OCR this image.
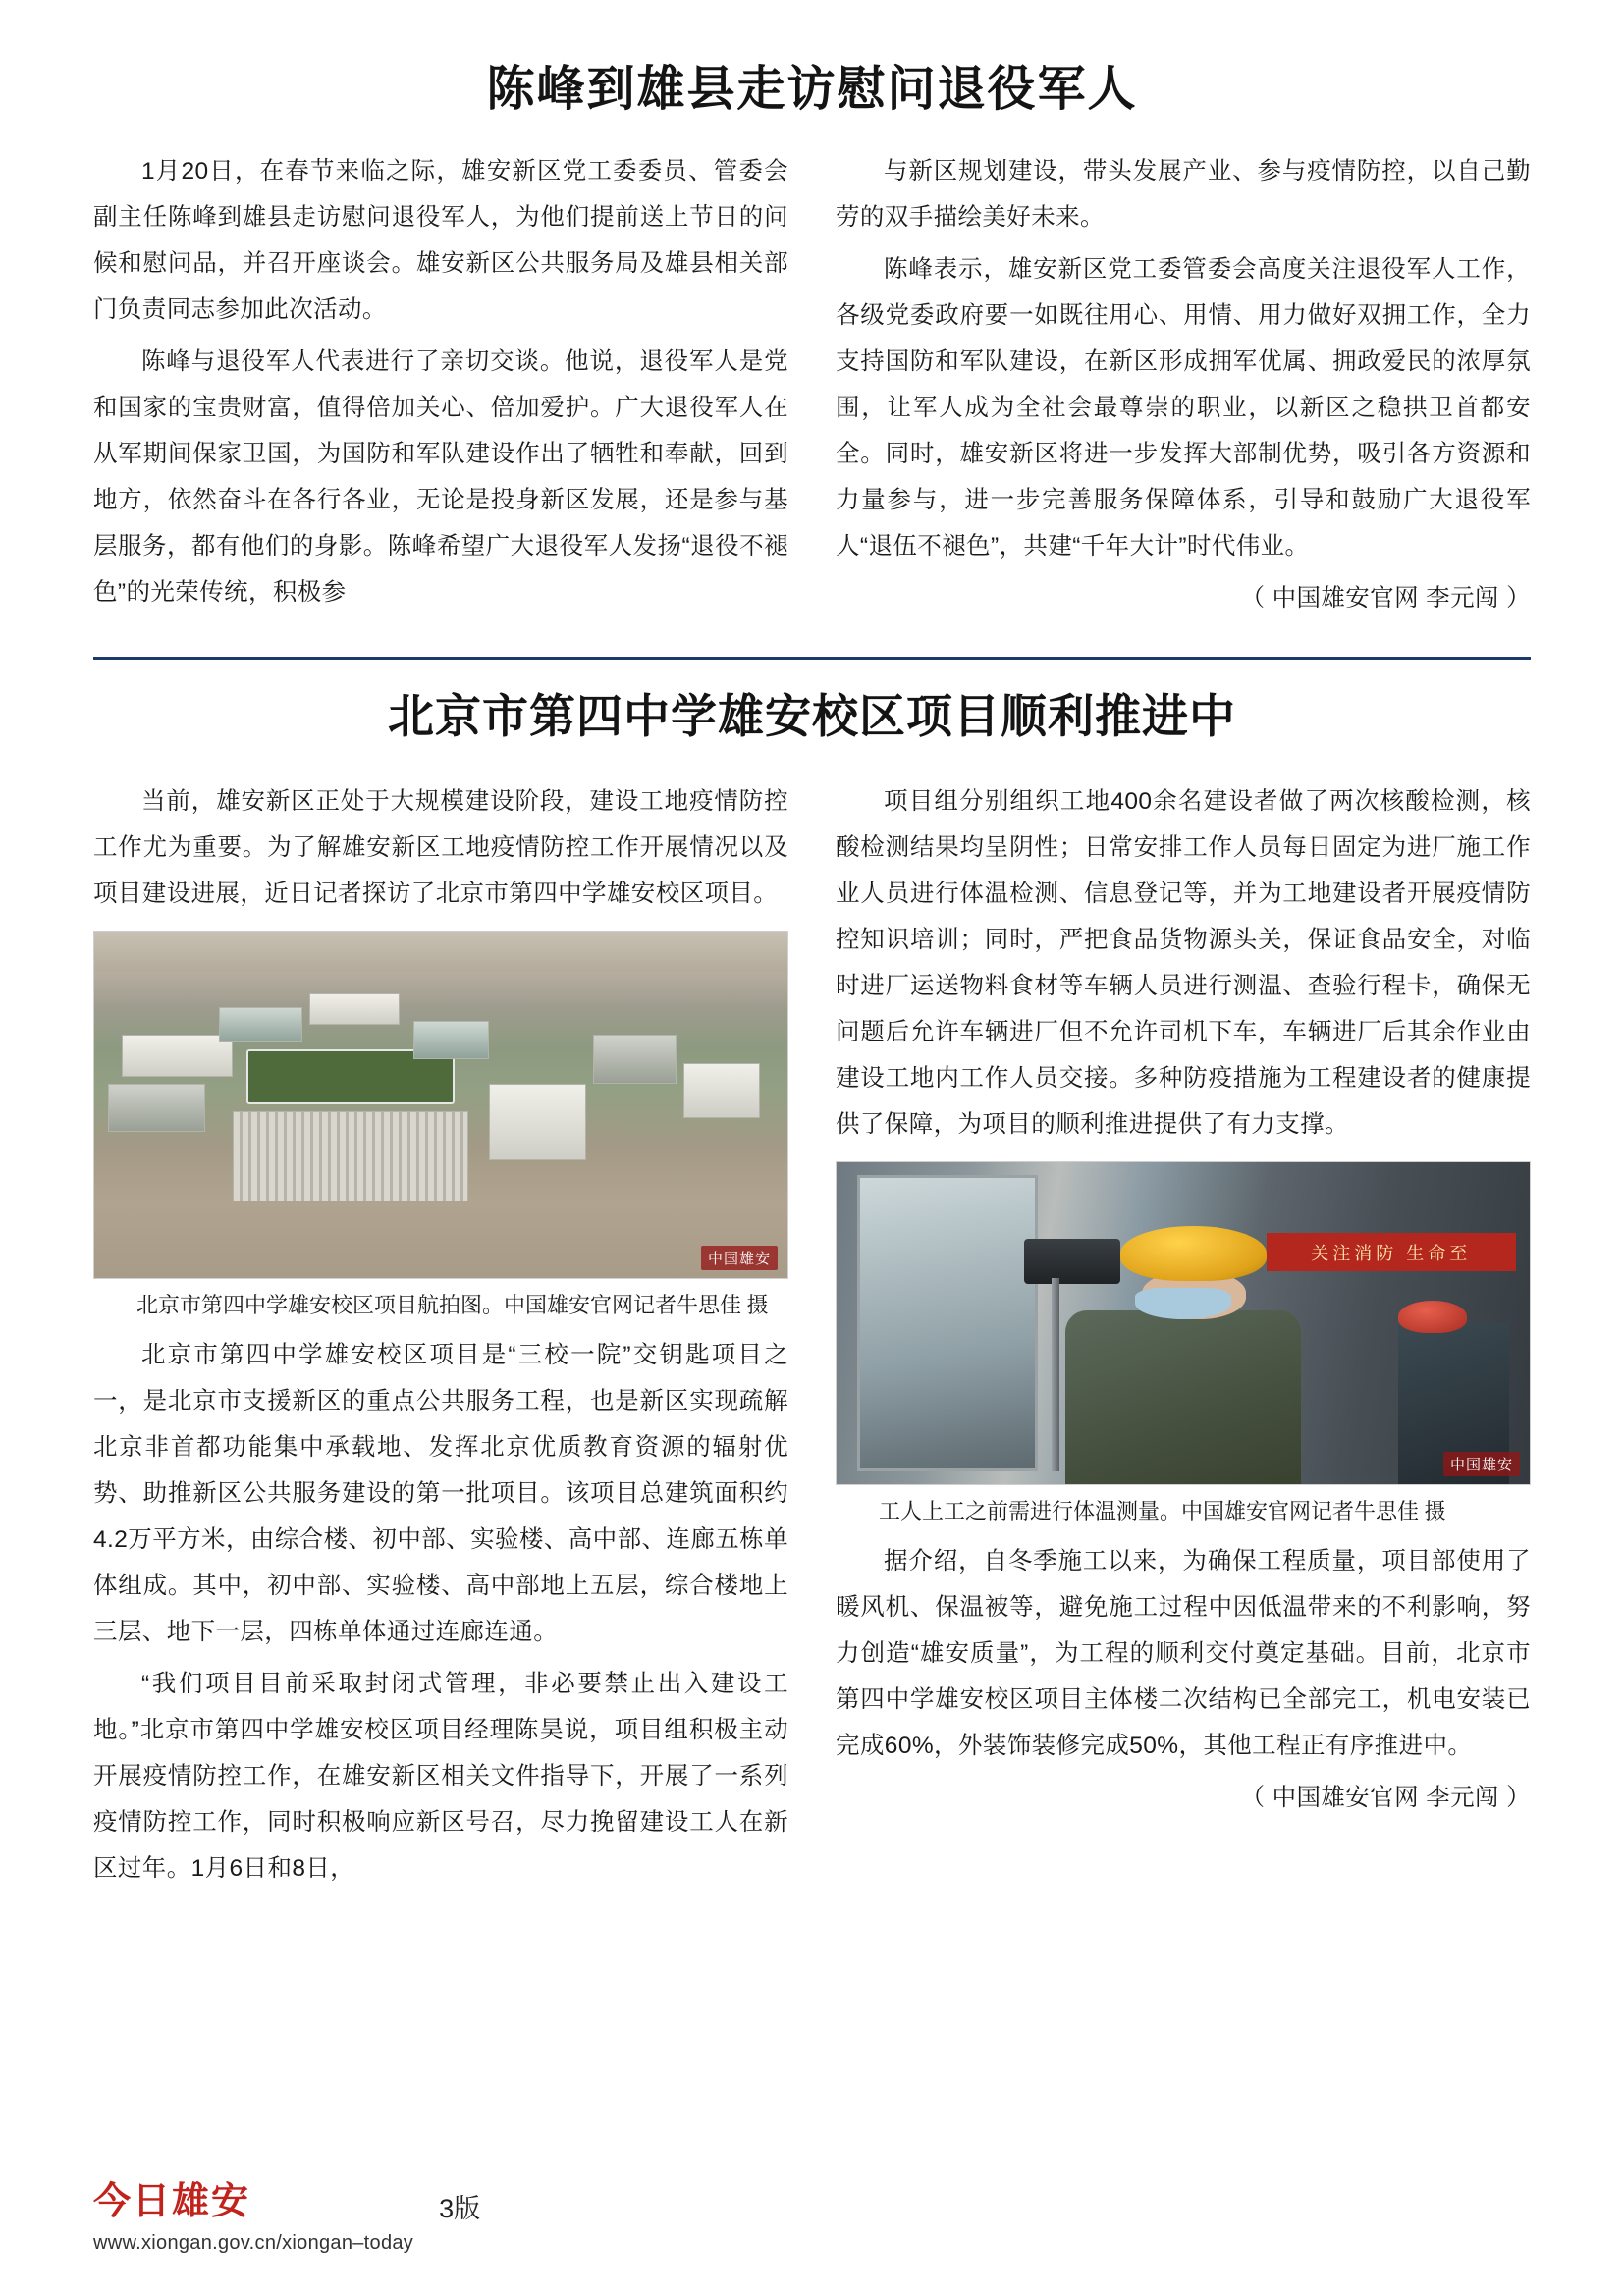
陈峰到雄县走访慰问退役军人

1月20日，在春节来临之际，雄安新区党工委委员、管委会副主任陈峰到雄县走访慰问退役军人，为他们提前送上节日的问候和慰问品，并召开座谈会。雄安新区公共服务局及雄县相关部门负责同志参加此次活动。

陈峰与退役军人代表进行了亲切交谈。他说，退役军人是党和国家的宝贵财富，值得倍加关心、倍加爱护。广大退役军人在从军期间保家卫国，为国防和军队建设作出了牺牲和奉献，回到地方，依然奋斗在各行各业，无论是投身新区发展，还是参与基层服务，都有他们的身影。陈峰希望广大退役军人发扬“退役不褪色”的光荣传统，积极参

与新区规划建设，带头发展产业、参与疫情防控，以自己勤劳的双手描绘美好未来。

陈峰表示，雄安新区党工委管委会高度关注退役军人工作，各级党委政府要一如既往用心、用情、用力做好双拥工作，全力支持国防和军队建设，在新区形成拥军优属、拥政爱民的浓厚氛围，让军人成为全社会最尊崇的职业，以新区之稳拱卫首都安全。同时，雄安新区将进一步发挥大部制优势，吸引各方资源和力量参与，进一步完善服务保障体系，引导和鼓励广大退役军人“退伍不褪色”，共建“千年大计”时代伟业。

（ 中国雄安官网 李元闯 ）

北京市第四中学雄安校区项目顺利推进中

当前，雄安新区正处于大规模建设阶段，建设工地疫情防控工作尤为重要。为了解雄安新区工地疫情防控工作开展情况以及项目建设进展，近日记者探访了北京市第四中学雄安校区项目。

中国雄安

北京市第四中学雄安校区项目航拍图。中国雄安官网记者牛思佳 摄

北京市第四中学雄安校区项目是“三校一院”交钥匙项目之一，是北京市支援新区的重点公共服务工程，也是新区实现疏解北京非首都功能集中承载地、发挥北京优质教育资源的辐射优势、助推新区公共服务建设的第一批项目。该项目总建筑面积约4.2万平方米，由综合楼、初中部、实验楼、高中部、连廊五栋单体组成。其中，初中部、实验楼、高中部地上五层，综合楼地上三层、地下一层，四栋单体通过连廊连通。

“我们项目目前采取封闭式管理，非必要禁止出入建设工地。”北京市第四中学雄安校区项目经理陈昊说，项目组积极主动开展疫情防控工作，在雄安新区相关文件指导下，开展了一系列疫情防控工作，同时积极响应新区号召，尽力挽留建设工人在新区过年。1月6日和8日，

项目组分别组织工地400余名建设者做了两次核酸检测，核酸检测结果均呈阴性；日常安排工作人员每日固定为进厂施工作业人员进行体温检测、信息登记等，并为工地建设者开展疫情防控知识培训；同时，严把食品货物源头关，保证食品安全，对临时进厂运送物料食材等车辆人员进行测温、查验行程卡，确保无问题后允许车辆进厂但不允许司机下车，车辆进厂后其余作业由建设工地内工作人员交接。多种防疫措施为工程建设者的健康提供了保障，为项目的顺利推进提供了有力支撑。

关注消防 生命至
中国雄安

工人上工之前需进行体温测量。中国雄安官网记者牛思佳 摄

据介绍，自冬季施工以来，为确保工程质量，项目部使用了暖风机、保温被等，避免施工过程中因低温带来的不利影响，努力创造“雄安质量”，为工程的顺利交付奠定基础。目前，北京市第四中学雄安校区项目主体楼二次结构已全部完工，机电安装已完成60%，外装饰装修完成50%，其他工程正有序推进中。

（ 中国雄安官网 李元闯 ）

今日雄安
www.xiongan.gov.cn/xiongan–today
3版
